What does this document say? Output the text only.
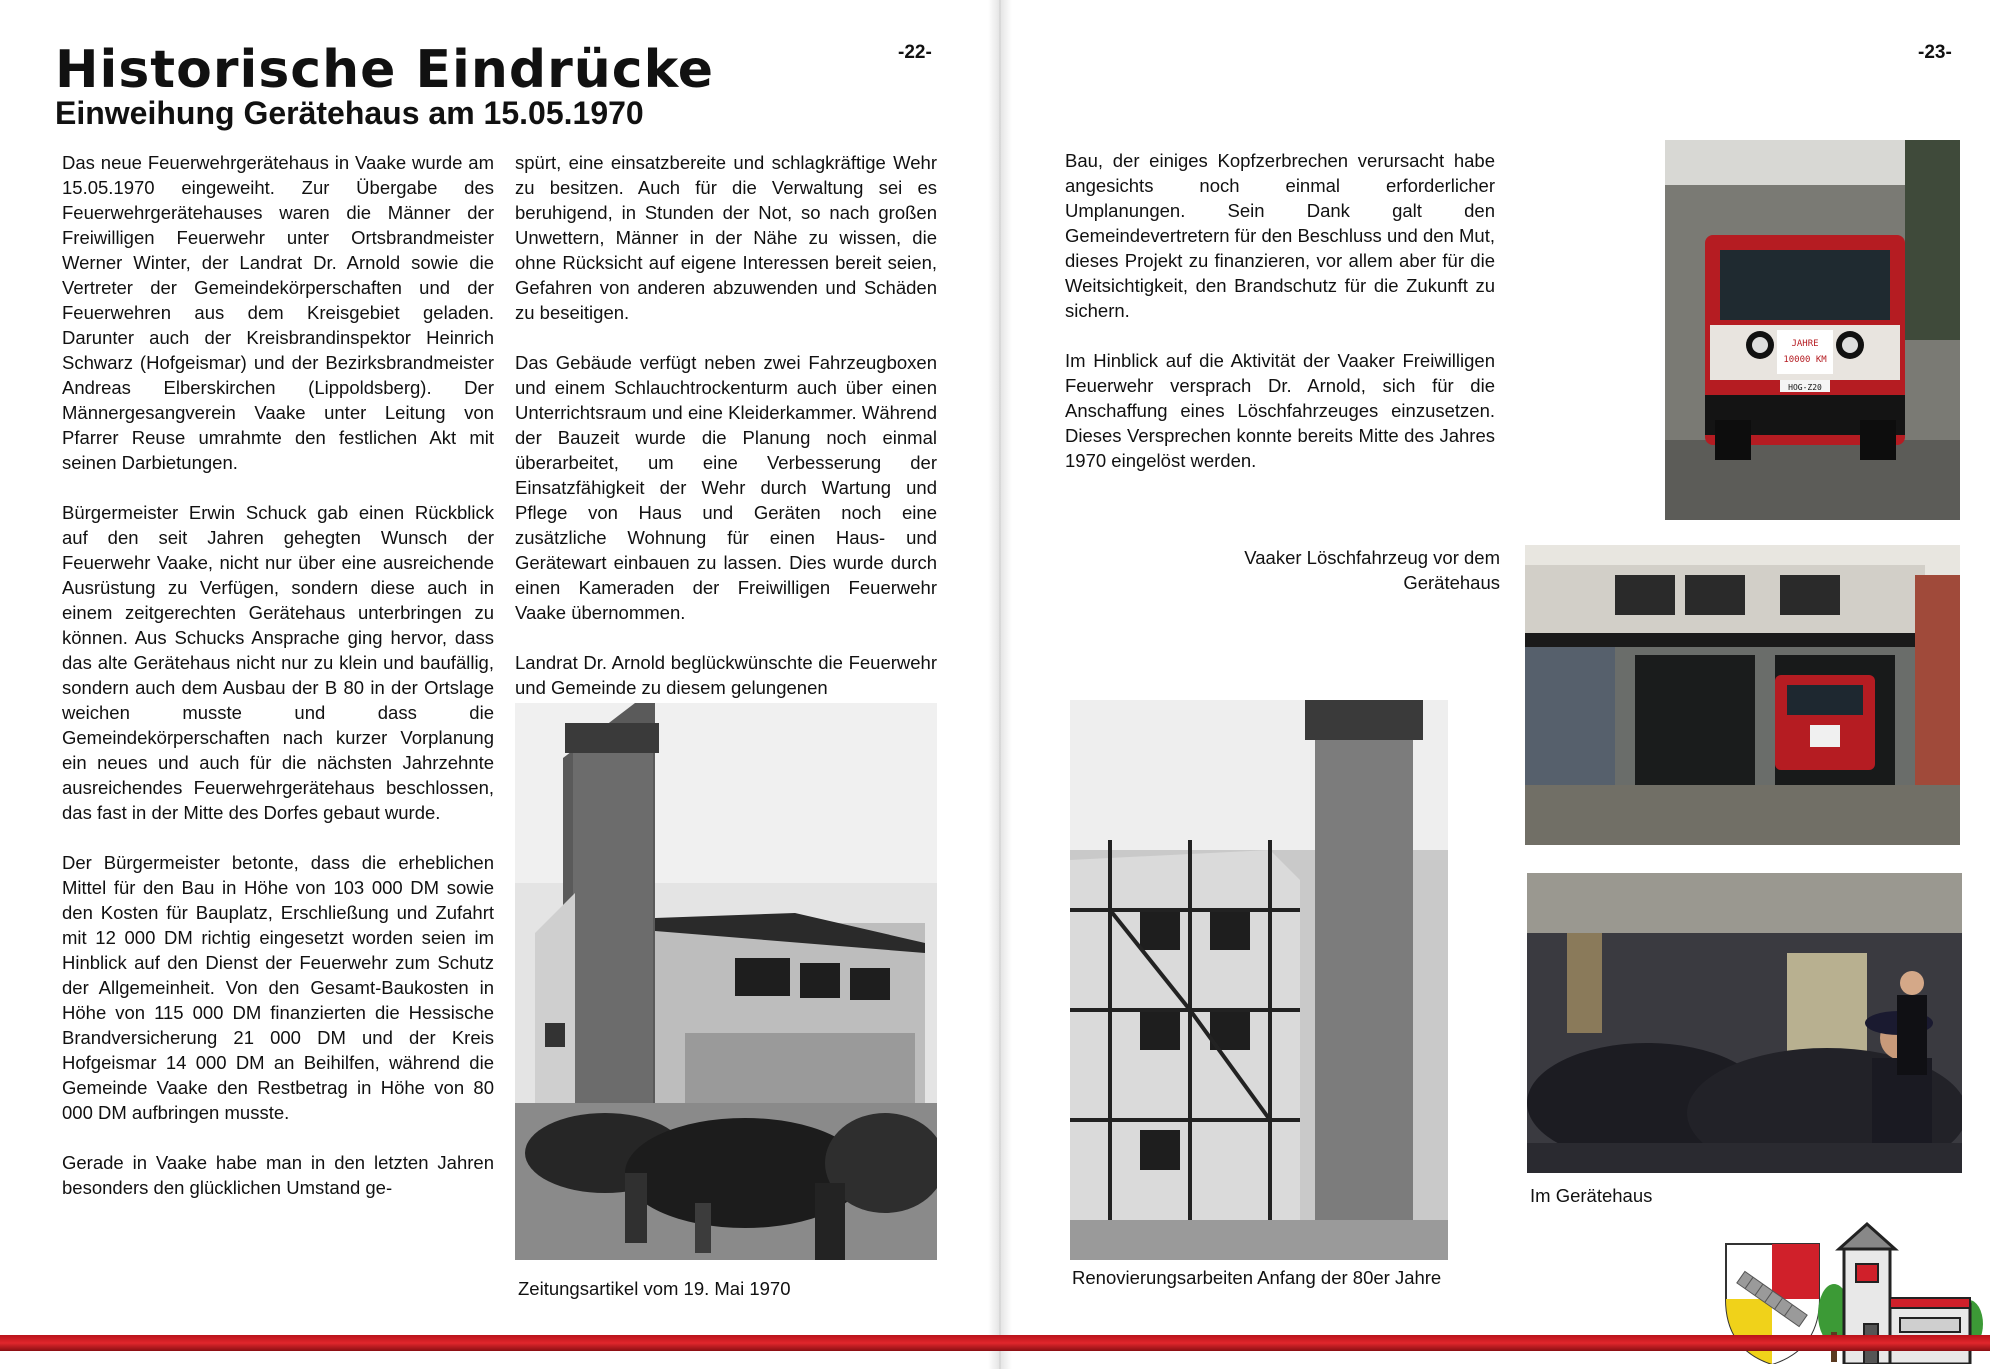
Historische Eindrücke
Einweihung Gerätehaus am 15.05.1970
-22-

Das neue Feuerwehrgerätehaus in Vaake wurde am 15.05.1970 eingeweiht. Zur Übergabe des Feuerwehrgerätehauses waren die Männer der Freiwilligen Feuerwehr unter Ortsbrandmeister Werner Winter, der Landrat Dr. Arnold sowie die Vertreter der Gemeindekörperschaften und der Feuerwehren aus dem Kreisgebiet geladen. Darunter auch der Kreisbrandinspektor Heinrich Schwarz (Hofgeismar) und der Bezirksbrandmeister Andreas Elberskirchen (Lippoldsberg). Der Männergesangverein Vaake unter Leitung von Pfarrer Reuse umrahmte den festlichen Akt mit seinen Darbietungen.

Bürgermeister Erwin Schuck gab einen Rückblick auf den seit Jahren gehegten Wunsch der Feuerwehr Vaake, nicht nur über eine ausreichende Ausrüstung zu Verfügen, sondern diese auch in einem zeitgerechten Gerätehaus unterbringen zu können. Aus Schucks Ansprache ging hervor, dass das alte Gerätehaus nicht nur zu klein und baufällig, sondern auch dem Ausbau der B 80 in der Ortslage weichen musste und dass die Gemeindekörperschaften nach kurzer Vorplanung ein neues und auch für die nächsten Jahrzehnte ausreichendes Feuerwehrgerätehaus beschlossen, das fast in der Mitte des Dorfes gebaut wurde.

Der Bürgermeister betonte, dass die erheblichen Mittel für den Bau in Höhe von 103 000 DM sowie den Kosten für Bauplatz, Erschließung und Zufahrt mit 12 000 DM richtig eingesetzt worden seien im Hinblick auf den Dienst der Feuerwehr zum Schutz der Allgemeinheit. Von den Gesamt-Baukosten in Höhe von 115 000 DM finanzierten die Hessische Brandversicherung 21 000 DM und der Kreis Hofgeismar 14 000 DM an Beihilfen, während die Gemeinde Vaake den Restbetrag in Höhe von 80 000 DM aufbringen musste.

Gerade in Vaake habe man in den letzten Jahren besonders den glücklichen Umstand ge-

spürt, eine einsatzbereite und schlagkräftige Wehr zu besitzen. Auch für die Verwaltung sei es beruhigend, in Stunden der Not, so nach großen Unwettern, Männer in der Nähe zu wissen, die ohne Rücksicht auf eigene Interessen bereit seien, Gefahren von anderen abzuwenden und Schäden zu beseitigen.

Das Gebäude verfügt neben zwei Fahrzeugboxen und einem Schlauchtrockenturm auch über einen Unterrichtsraum und eine Kleiderkammer. Während der Bauzeit wurde die Planung noch einmal überarbeitet, um eine Verbesserung der Einsatzfähigkeit der Wehr durch Wartung und Pflege von Haus und Geräten noch eine zusätzliche Wohnung für einen Haus- und Gerätewart einbauen zu lassen. Dies wurde durch einen Kameraden der Freiwilligen Feuerwehr Vaake übernommen.

Landrat Dr. Arnold beglückwünschte die Feuerwehr und Gemeinde zu diesem gelungenen

Zeitungsartikel vom 19. Mai 1970
-23-

Bau, der einiges Kopfzerbrechen verursacht habe angesichts noch einmal erforderlicher Umplanungen. Sein Dank galt den Gemeindevertretern für den Beschluss und den Mut, dieses Projekt zu finanzieren, vor allem aber für die Weitsichtigkeit, den Brandschutz für die Zukunft zu sichern.

Im Hinblick auf die Aktivität der Vaaker Freiwilligen Feuerwehr versprach Dr. Arnold, sich für die Anschaffung eines Löschfahrzeuges einzusetzen. Dieses Versprechen konnte bereits Mitte des Jahres 1970 eingelöst werden.

JAHRE
10000 KM
HOG-Z20
Vaaker Löschfahrzeug vor dem
Gerätehaus
Renovierungsarbeiten Anfang der 80er Jahre
Im Gerätehaus
